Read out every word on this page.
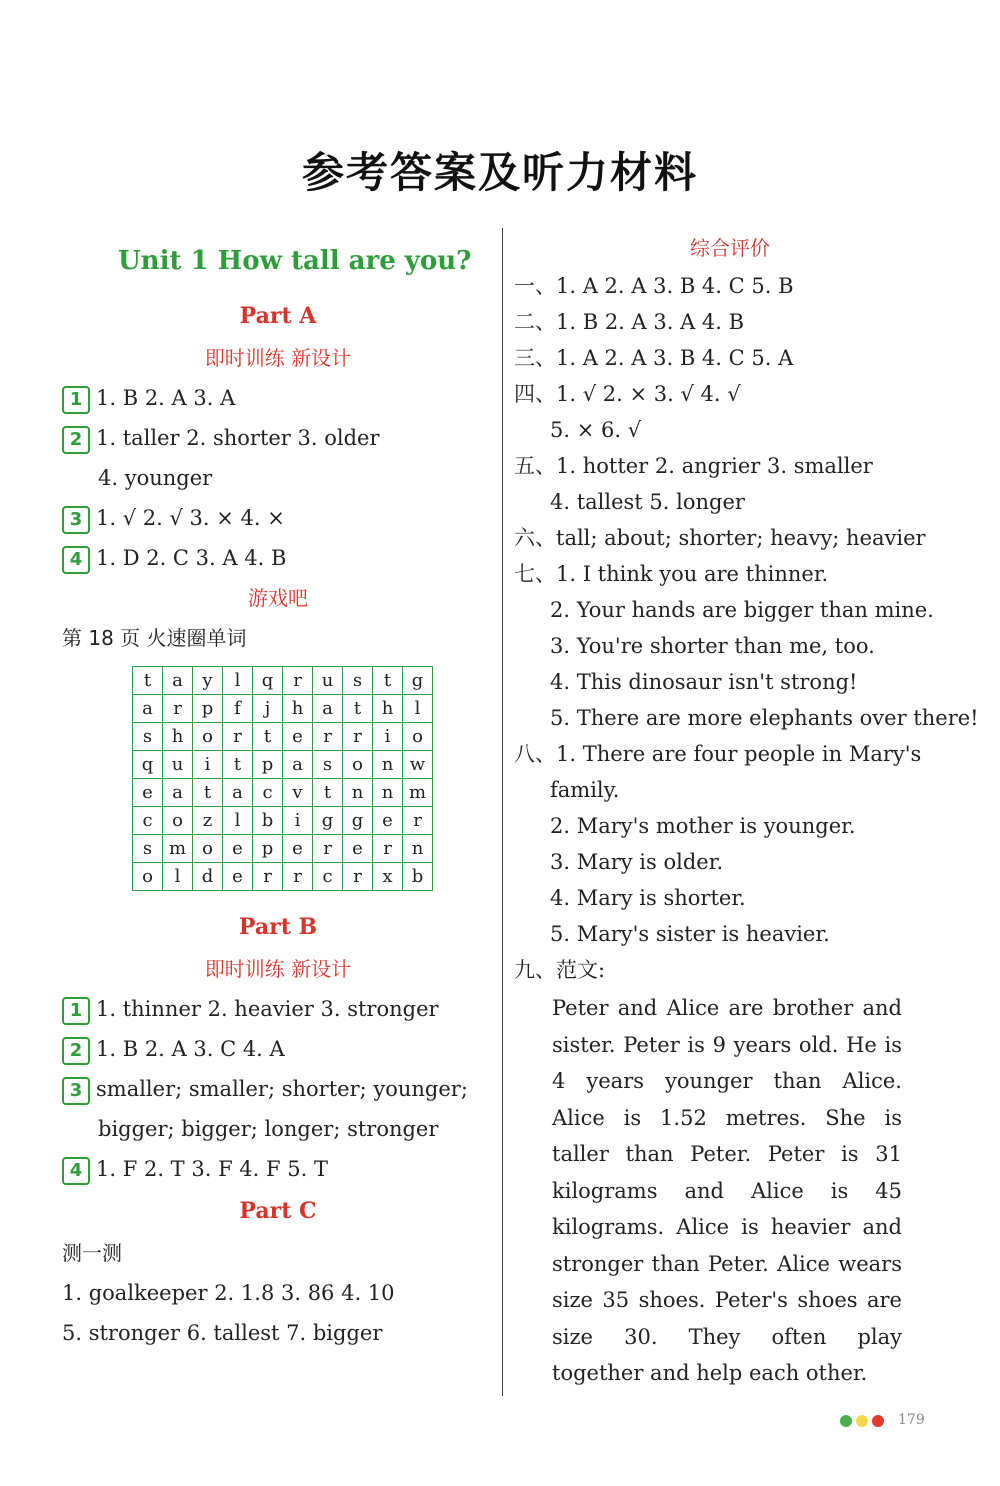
参考答案及听力材料
Unit 1 How tall are you?
Part A
即时训练 新设计
1 1. B 2. A 3. A
2 1. taller 2. shorter 3. older
4. younger
3 1. √ 2. √ 3. × 4. ×
4 1. D 2. C 3. A 4. B
游戏吧
第 18 页 火速圈单词
t	a	y	l	q	r	u	s	t	g
a	r	p	f	j	h	a	t	h	l
s	h	o	r	t	e	r	r	i	o
q	u	i	t	p	a	s	o	n	w
e	a	t	a	c	v	t	n	n	m
c	o	z	l	b	i	g	g	e	r
s	m	o	e	p	e	r	e	r	n
o	l	d	e	r	r	c	r	x	b
Part B
即时训练 新设计
1 1. thinner 2. heavier 3. stronger
2 1. B 2. A 3. C 4. A
3 smaller; smaller; shorter; younger;
bigger; bigger; longer; stronger
4 1. F 2. T 3. F 4. F 5. T
Part C
测一测
1. goalkeeper 2. 1.8 3. 86 4. 10
5. stronger 6. tallest 7. bigger
综合评价
一、1. A 2. A 3. B 4. C 5. B
二、1. B 2. A 3. A 4. B
三、1. A 2. A 3. B 4. C 5. A
四、1. √ 2. × 3. √ 4. √
5. × 6. √
五、1. hotter 2. angrier 3. smaller
4. tallest 5. longer
六、tall; about; shorter; heavy; heavier
七、1. I think you are thinner.
2. Your hands are bigger than mine.
3. You're shorter than me, too.
4. This dinosaur isn't strong!
5. There are more elephants over there!
八、1. There are four people in Mary's
family.
2. Mary's mother is younger.
3. Mary is older.
4. Mary is shorter.
5. Mary's sister is heavier.
九、范文:
Peter and Alice are brother and sister. Peter is 9 years old. He is 4 years younger than Alice. Alice is 1.52 metres. She is taller than Peter. Peter is 31 kilograms and Alice is 45 kilograms. Alice is heavier and stronger than Peter. Alice wears size 35 shoes. Peter's shoes are size 30. They often play together and help each other.
179
